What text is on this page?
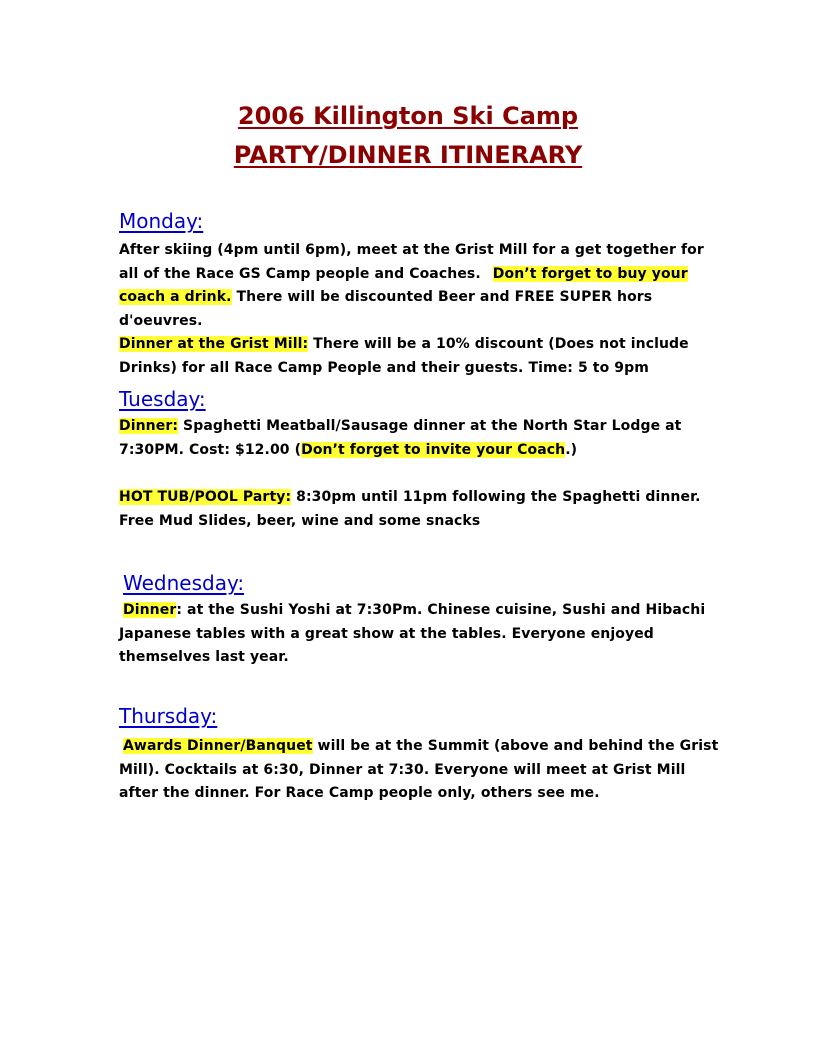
2006 Killington Ski Camp
PARTY/DINNER ITINERARY
Monday:

After skiing (4pm until 6pm), meet at the Grist Mill for a get together for all of the Race GS Camp people and Coaches. Don’t forget to buy your coach a drink. There will be discounted Beer and FREE SUPER hors d'oeuvres.

Dinner at the Grist Mill: There will be a 10% discount (Does not include Drinks) for all Race Camp People and their guests. Time: 5 to 9pm

Tuesday:

Dinner: Spaghetti Meatball/Sausage dinner at the North Star Lodge at 7:30PM. Cost: $12.00 (Don’t forget to invite your Coach.)

HOT TUB/POOL Party: 8:30pm until 11pm following the Spaghetti dinner. Free Mud Slides, beer, wine and some snacks

Wednesday:

Dinner: at the Sushi Yoshi at 7:30Pm. Chinese cuisine, Sushi and Hibachi Japanese tables with a great show at the tables. Everyone enjoyed themselves last year.

Thursday:

Awards Dinner/Banquet will be at the Summit (above and behind the Grist Mill). Cocktails at 6:30, Dinner at 7:30. Everyone will meet at Grist Mill after the dinner. For Race Camp people only, others see me.
